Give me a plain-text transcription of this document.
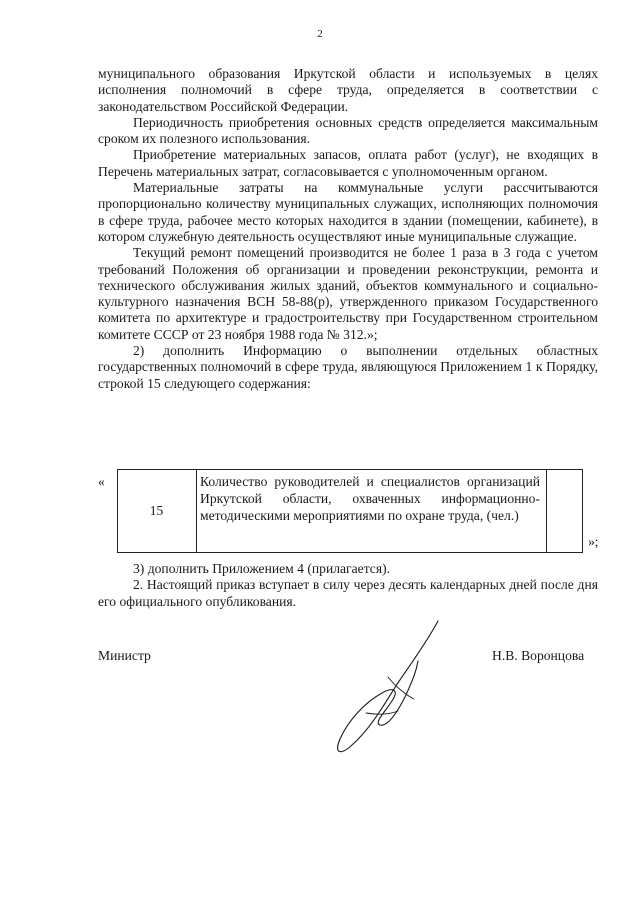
2

муниципального образования Иркутской области и используемых в целях исполнения полномочий в сфере труда, определяется в соответствии с законодательством Российской Федерации.

Периодичность приобретения основных средств определяется максимальным сроком их полезного использования.

Приобретение материальных запасов, оплата работ (услуг), не входящих в Перечень материальных затрат, согласовывается с уполномоченным органом.

Материальные затраты на коммунальные услуги рассчитываются пропорционально количеству муниципальных служащих, исполняющих полномочия в сфере труда, рабочее место которых находится в здании (помещении, кабинете), в котором служебную деятельность осуществляют иные муниципальные служащие.

Текущий ремонт помещений производится не более 1 раза в 3 года с учетом требований Положения об организации и проведении реконструкции, ремонта и технического обслуживания жилых зданий, объектов коммунального и социально-культурного назначения ВСН 58-88(р), утвержденного приказом Государственного комитета по архитектуре и градостроительству при Государственном строительном комитете СССР от 23 ноября 1988 года № 312.»;

2) дополнить Информацию о выполнении отдельных областных государственных полномочий в сфере труда, являющуюся Приложением 1 к Порядку, строкой 15 следующего содержания:

«
15
Количество руководителей и специалистов организаций Иркутской области, охваченных информационно-методическими мероприятиями по охране труда, (чел.)
»;

3) дополнить Приложением 4 (прилагается).

2. Настоящий приказ вступает в силу через десять календарных дней после дня его официального опубликования.

Министр	Н.В. Воронцова
